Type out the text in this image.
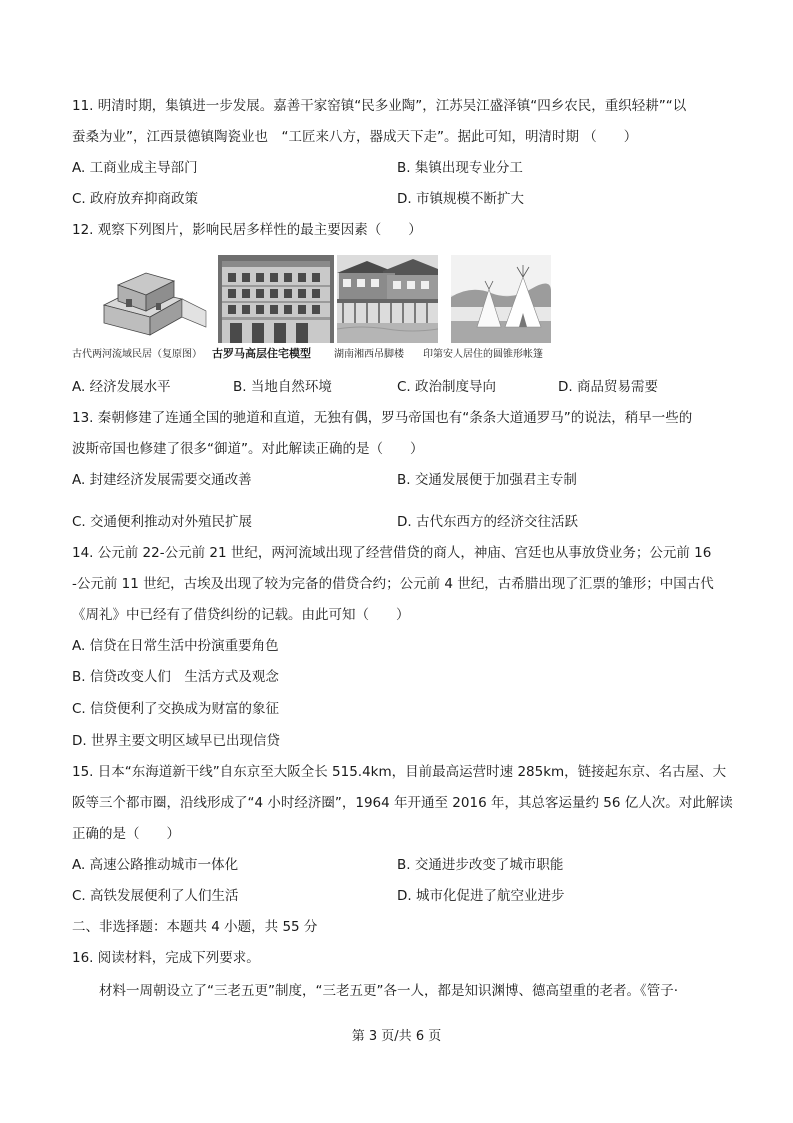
11. 明清时期，集镇进一步发展。嘉善干家窑镇“民多业陶”，江苏吴江盛泽镇“四乡农民，重织轻耕”“以
蚕桑为业”，江西景德镇陶瓷业也　“工匠来八方，器成天下走”。据此可知，明清时期 （　　）
A. 工商业成主导部门	B. 集镇出现专业分工
C. 政府放弃抑商政策	D. 市镇规模不断扩大
12. 观察下列图片，影响民居多样性的最主要因素（　　）
古代两河流域民居（复原图） 古罗马高层住宅模型 湖南湘西吊脚楼 印第安人居住的圆锥形帐篷
A. 经济发展水平	B. 当地自然环境	C. 政治制度导向	D. 商品贸易需要
13. 秦朝修建了连通全国的驰道和直道，无独有偶，罗马帝国也有“条条大道通罗马”的说法，稍早一些的
波斯帝国也修建了很多“御道”。对此解读正确的是（　　）
A. 封建经济发展需要交通改善	B. 交通发展便于加强君主专制
C. 交通便利推动对外殖民扩展	D. 古代东西方的经济交往活跃
14. 公元前 22-公元前 21 世纪，两河流域出现了经营借贷的商人，神庙、宫廷也从事放贷业务；公元前 16
-公元前 11 世纪，古埃及出现了较为完备的借贷合约；公元前 4 世纪，古希腊出现了汇票的雏形；中国古代
《周礼》中已经有了借贷纠纷的记载。由此可知（　　）
A. 信贷在日常生活中扮演重要角色
B. 信贷改变人们　生活方式及观念
C. 信贷便利了交换成为财富的象征
D. 世界主要文明区域早已出现信贷
15. 日本“东海道新干线”自东京至大阪全长 515.4km，目前最高运营时速 285km，链接起东京、名古屋、大
阪等三个都市圈，沿线形成了“4 小时经济圈”，1964 年开通至 2016 年，其总客运量约 56 亿人次。对此解读
正确的是（　　）
A. 高速公路推动城市一体化	B. 交通进步改变了城市职能
C. 高铁发展便利了人们生活	D. 城市化促进了航空业进步
二、非选择题：本题共 4 小题，共 55 分
16. 阅读材料，完成下列要求。
材料一周朝设立了“三老五更”制度，“三老五更”各一人，都是知识渊博、德高望重的老者。《管子·
第 3 页/共 6 页
